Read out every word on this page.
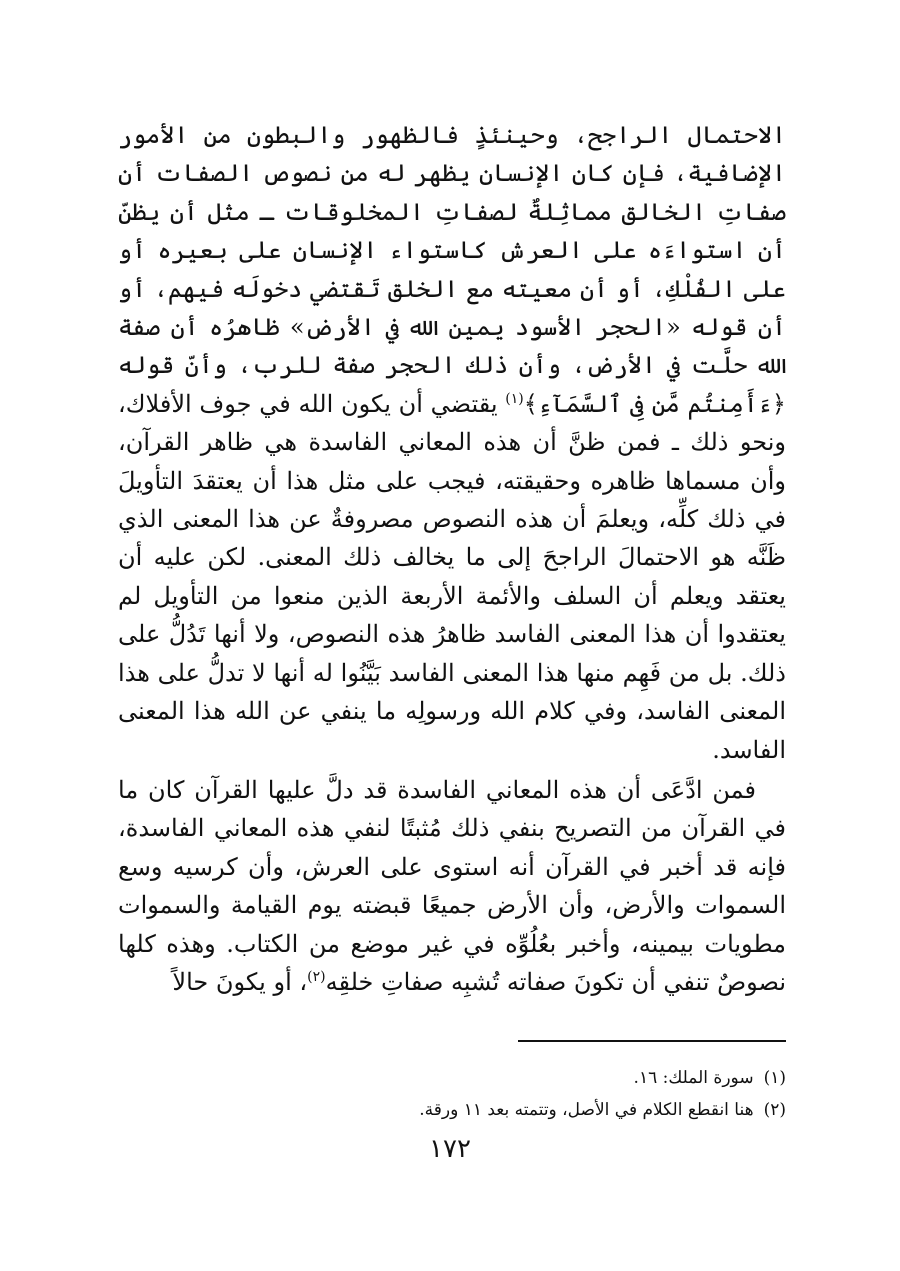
الاحتمال الراجح، وحينئذٍ فالظهور والبطون من الأمور الإضافية، فإن كان الإنسان يظهر له من نصوص الصفات أن صفاتِ الخالق مماثِلةٌ لصفاتِ المخلوقات ـ مثل أن يظنّ أن استواءَه على العرش كاستواء الإنسان على بعيره أو على الفُلْكِ، أو أن معيته مع الخلق تَقتضي دخولَه فيهم، أو أن قوله «الحجر الأسود يمين الله في الأرض» ظاهرُه أن صفة الله حلَّت في الأرض، وأن ذلك الحجر صفة للرب، وأنّ قوله ﴿ءَأَمِنتُم مَّن فِى ٱلسَّمَآءِ﴾$^{(١)}$ يقتضي أن يكون الله في جوف الأفلاك، ونحو ذلك ـ فمن ظنَّ أن هذه المعاني الفاسدة هي ظاهر القرآن، وأن مسماها ظاهره وحقيقته، فيجب على مثل هذا أن يعتقدَ التأويلَ في ذلك كلِّه، ويعلمَ أن هذه النصوص مصروفةٌ عن هذا المعنى الذي ظَنَّه هو الاحتمالَ الراجحَ إلى ما يخالف ذلك المعنى. لكن عليه أن يعتقد ويعلم أن السلف والأئمة الأربعة الذين منعوا من التأويل لم يعتقدوا أن هذا المعنى الفاسد ظاهرُ هذه النصوص، ولا أنها تَدُلُّ على ذلك. بل من فَهِم منها هذا المعنى الفاسد بَيَّنُوا له أنها لا تدلُّ على هذا المعنى الفاسد، وفي كلام الله ورسولِه ما ينفي عن الله هذا المعنى الفاسد.

فمن ادَّعَى أن هذه المعاني الفاسدة قد دلَّ عليها القرآن كان ما في القرآن من التصريح بنفي ذلك مُثبتًا لنفي هذه المعاني الفاسدة، فإنه قد أخبر في القرآن أنه استوى على العرش، وأن كرسيه وسع السموات والأرض، وأن الأرض جميعًا قبضته يوم القيامة والسموات مطويات بيمينه، وأخبر بعُلُوِّه في غير موضع من الكتاب. وهذه كلها نصوصٌ تنفي أن تكونَ صفاته تُشبِه صفاتِ خلقِه$^{(٢)}$، أو يكونَ حالاً

(١)سورة الملك: ١٦.

(٢)هنا انقطع الكلام في الأصل، وتتمته بعد ١١ ورقة.

١٧٢
